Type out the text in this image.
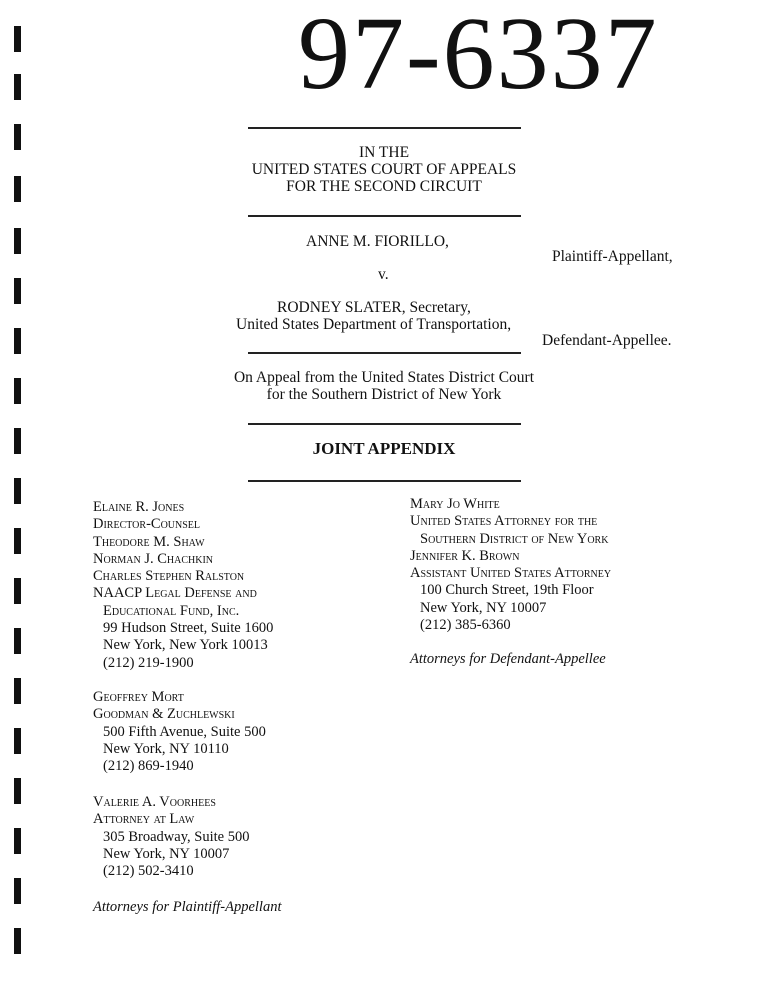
97-6337
IN THE
UNITED STATES COURT OF APPEALS
FOR THE SECOND CIRCUIT
ANNE M. FIORILLO,
Plaintiff-Appellant,
v.
RODNEY SLATER, Secretary,
United States Department of Transportation,
Defendant-Appellee.
On Appeal from the United States District Court
for the Southern District of New York
JOINT APPENDIX
Elaine R. Jones
Director-Counsel
Theodore M. Shaw
Norman J. Chachkin
Charles Stephen Ralston
NAACP Legal Defense and
Educational Fund, Inc.
99 Hudson Street, Suite 1600
New York, New York 10013
(212) 219-1900
Geoffrey Mort
Goodman & Zuchlewski
500 Fifth Avenue, Suite 500
New York, NY 10110
(212) 869-1940
Valerie A. Voorhees
Attorney at Law
305 Broadway, Suite 500
New York, NY 10007
(212) 502-3410
Attorneys for Plaintiff-Appellant
Mary Jo White
United States Attorney for the
Southern District of New York
Jennifer K. Brown
Assistant United States Attorney
100 Church Street, 19th Floor
New York, NY 10007
(212) 385-6360
Attorneys for Defendant-Appellee
